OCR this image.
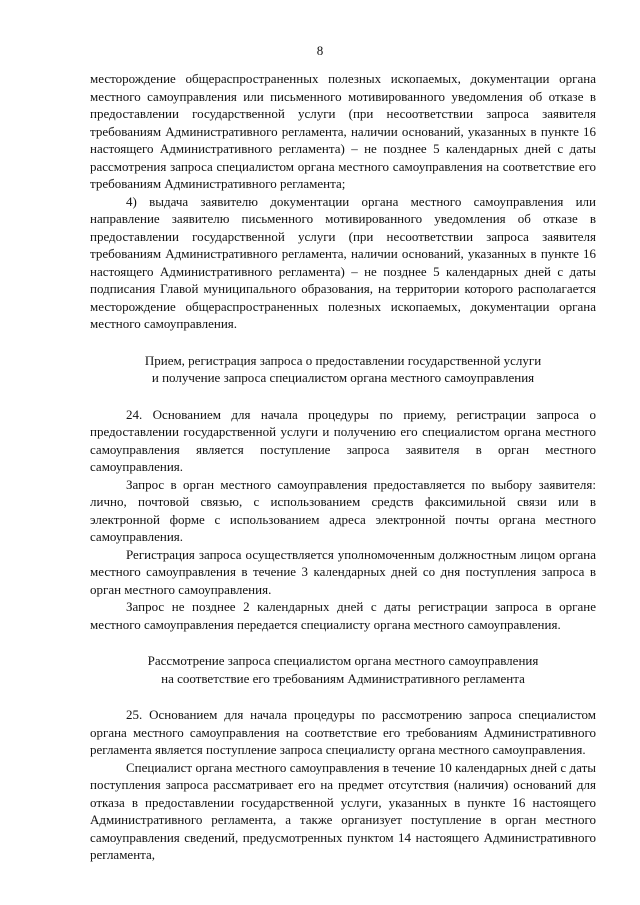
8

месторождение общераспространенных полезных ископаемых, документации органа местного самоуправления или письменного мотивированного уведомления об отказе в предоставлении государственной услуги (при несоответствии запроса заявителя требованиям Административного регламента, наличии оснований, указанных в пункте 16 настоящего Административного регламента) – не позднее 5 календарных дней с даты рассмотрения запроса специалистом органа местного самоуправления на соответствие его требованиям Административного регламента;

4) выдача заявителю документации органа местного самоуправления или направление заявителю письменного мотивированного уведомления об отказе в предоставлении государственной услуги (при несоответствии запроса заявителя требованиям Административного регламента, наличии оснований, указанных в пункте 16 настоящего Административного регламента) – не позднее 5 календарных дней с даты подписания Главой муниципального образования, на территории которого располагается месторождение общераспространенных полезных ископаемых, документации органа местного самоуправления.

Прием, регистрация запроса о предоставлении государственной услуги
и получение запроса специалистом органа местного самоуправления

24. Основанием для начала процедуры по приему, регистрации запроса о предоставлении государственной услуги и получению его специалистом органа местного самоуправления является поступление запроса заявителя в орган местного самоуправления.

Запрос в орган местного самоуправления предоставляется по выбору заявителя: лично, почтовой связью, с использованием средств факсимильной связи или в электронной форме с использованием адреса электронной почты органа местного самоуправления.

Регистрация запроса осуществляется уполномоченным должностным лицом органа местного самоуправления в течение 3 календарных дней со дня поступления запроса в орган местного самоуправления.

Запрос не позднее 2 календарных дней с даты регистрации запроса в органе местного самоуправления передается специалисту органа местного самоуправления.

Рассмотрение запроса специалистом органа местного самоуправления
на соответствие его требованиям Административного регламента

25. Основанием для начала процедуры по рассмотрению запроса специалистом органа местного самоуправления на соответствие его требованиям Административного регламента является поступление запроса специалисту органа местного самоуправления.

Специалист органа местного самоуправления в течение 10 календарных дней с даты поступления запроса рассматривает его на предмет отсутствия (наличия) оснований для отказа в предоставлении государственной услуги, указанных в пункте 16 настоящего Административного регламента, а также организует поступление в орган местного самоуправления сведений, предусмотренных пунктом 14 настоящего Административного регламента,
